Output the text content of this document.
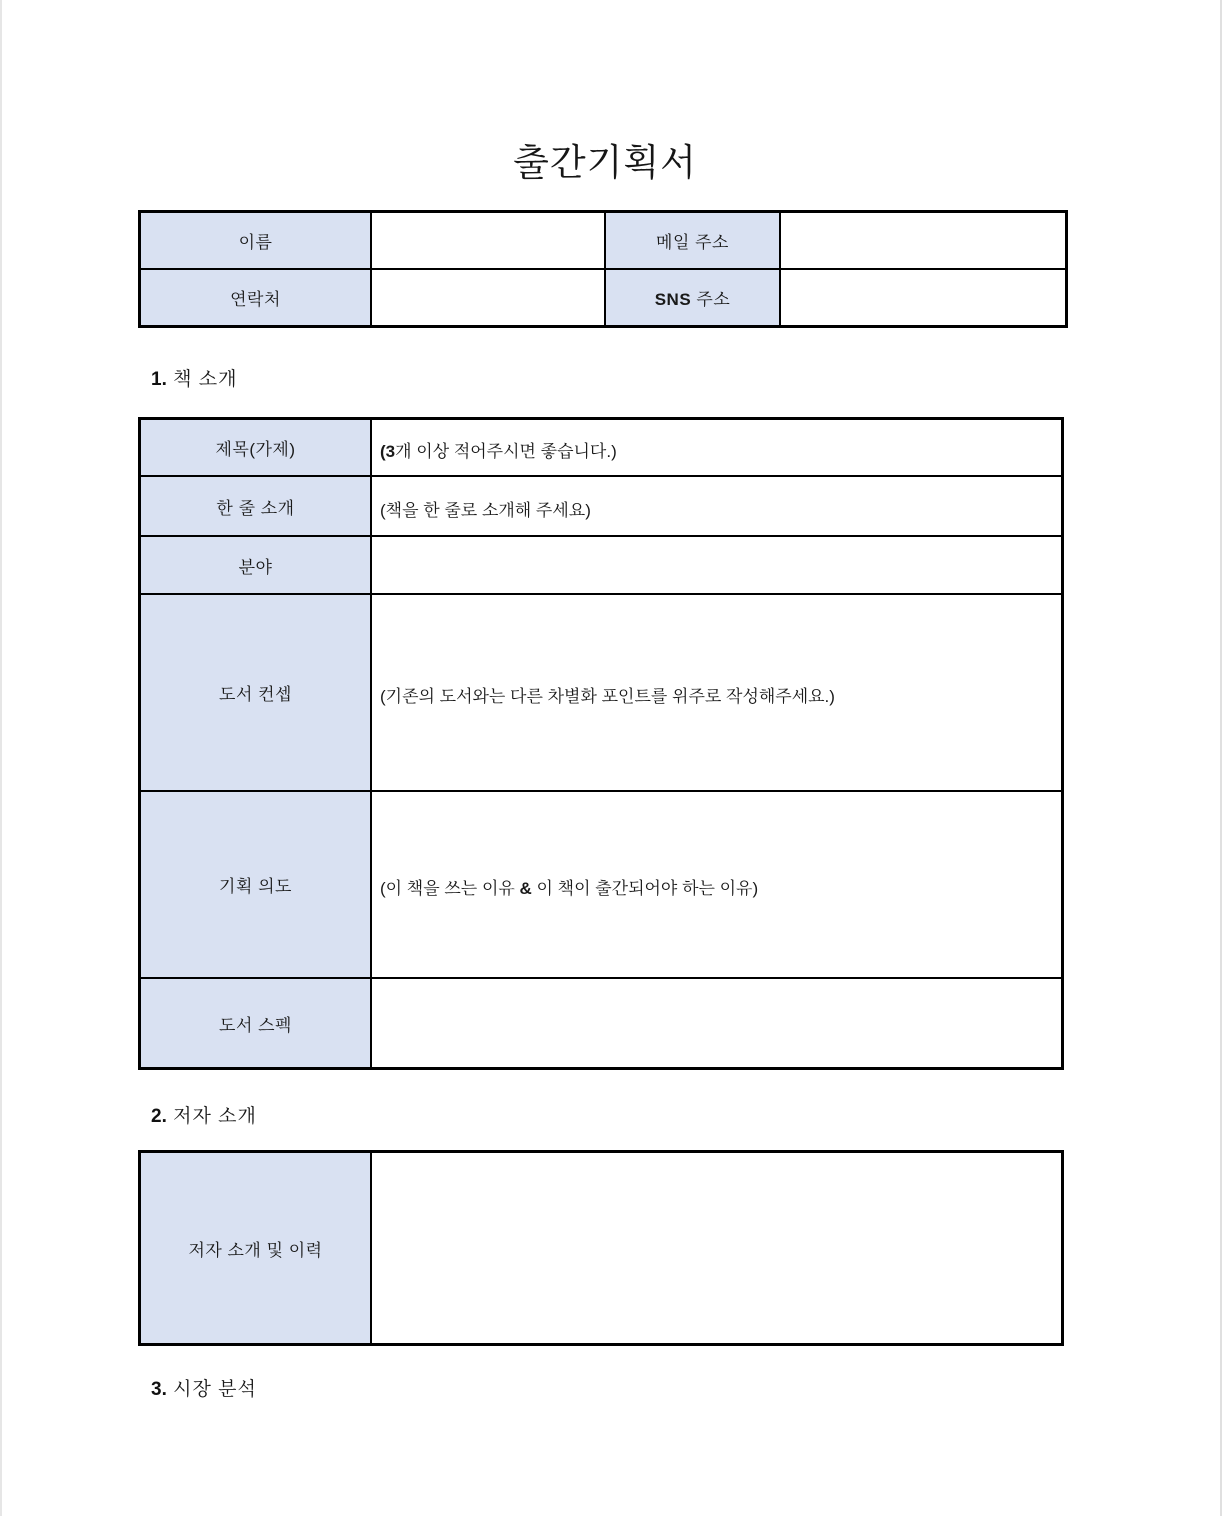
출간기획서
이름		메일 주소	
연락처		SNS 주소	
1. 책 소개
제목(가제)	(3개 이상 적어주시면 좋습니다.)

한 줄 소개	(책을 한 줄로 소개해 주세요)

분야	

도서 컨셉	(기존의 도서와는 다른 차별화 포인트를 위주로 작성해주세요.)

기획 의도	(이 책을 쓰는 이유 & 이 책이 출간되어야 하는 이유)

도서 스펙	
2. 저자 소개
저자 소개 및 이력	
3. 시장 분석
